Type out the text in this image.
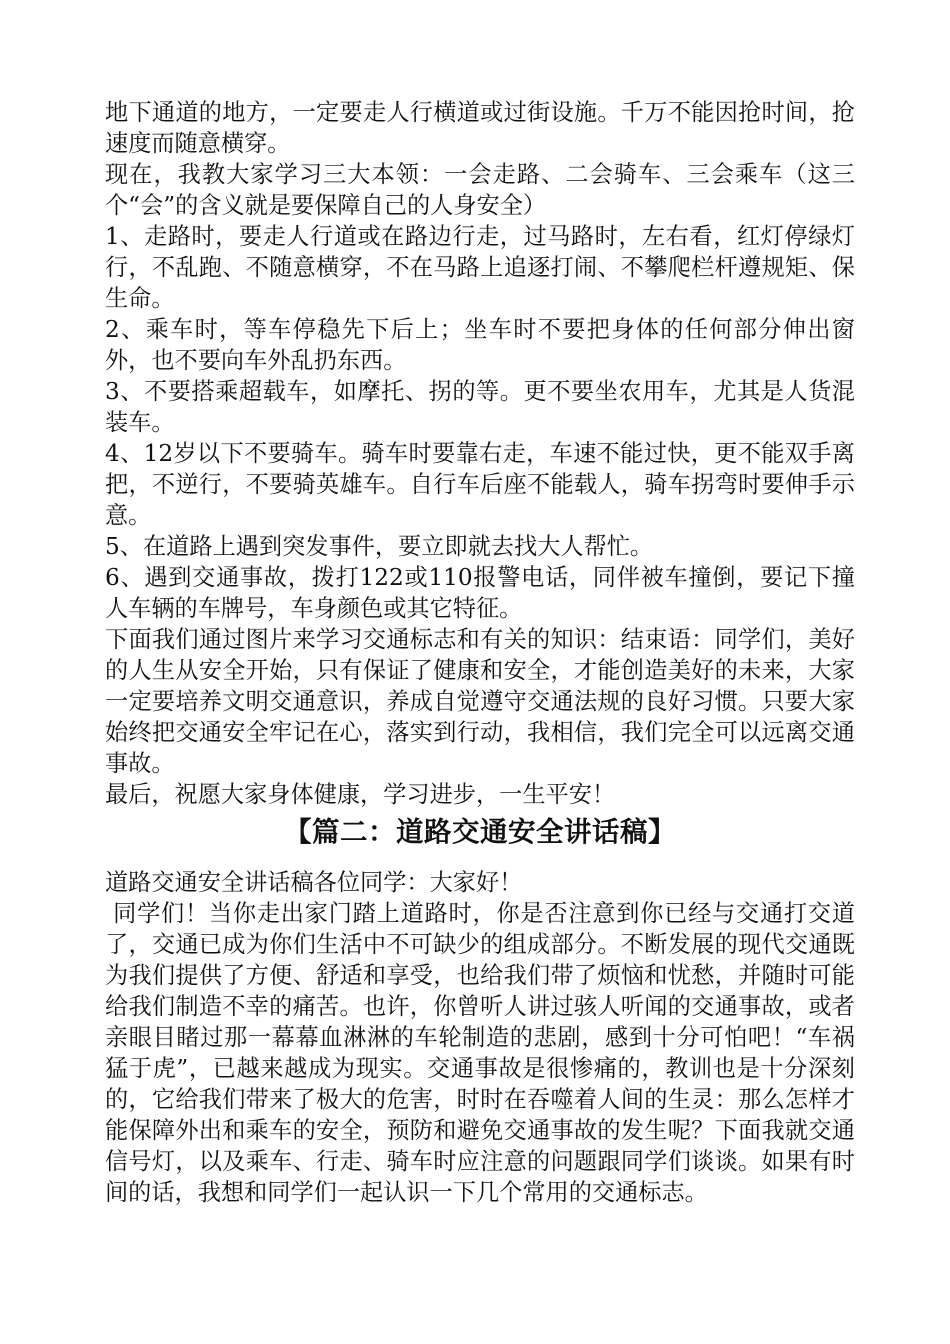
地下通道的地方，一定要走人行横道或过街设施。千万不能因抢时间，抢速度而随意横穿。

现在，我教大家学习三大本领：一会走路、二会骑车、三会乘车（这三个“会”的含义就是要保障自己的人身安全）

1、走路时，要走人行道或在路边行走，过马路时，左右看，红灯停绿灯行，不乱跑、不随意横穿，不在马路上追逐打闹、不攀爬栏杆遵规矩、保生命。

2、乘车时，等车停稳先下后上；坐车时不要把身体的任何部分伸出窗外，也不要向车外乱扔东西。

3、不要搭乘超载车，如摩托、拐的等。更不要坐农用车，尤其是人货混装车。

4、12岁以下不要骑车。骑车时要靠右走，车速不能过快，更不能双手离把，不逆行，不要骑英雄车。自行车后座不能载人，骑车拐弯时要伸手示意。

5、在道路上遇到突发事件，要立即就去找大人帮忙。

6、遇到交通事故，拨打122或110报警电话，同伴被车撞倒，要记下撞人车辆的车牌号，车身颜色或其它特征。

下面我们通过图片来学习交通标志和有关的知识：结束语：同学们，美好的人生从安全开始，只有保证了健康和安全，才能创造美好的未来，大家一定要培养文明交通意识，养成自觉遵守交通法规的良好习惯。只要大家始终把交通安全牢记在心，落实到行动，我相信，我们完全可以远离交通事故。

最后，祝愿大家身体健康，学习进步，一生平安！

【篇二：道路交通安全讲话稿】

道路交通安全讲话稿各位同学：大家好！

同学们！当你走出家门踏上道路时，你是否注意到你已经与交通打交道了，交通已成为你们生活中不可缺少的组成部分。不断发展的现代交通既为我们提供了方便、舒适和享受，也给我们带了烦恼和忧愁，并随时可能给我们制造不幸的痛苦。也许，你曾听人讲过骇人听闻的交通事故，或者亲眼目睹过那一幕幕血淋淋的车轮制造的悲剧，感到十分可怕吧！“车祸猛于虎”，已越来越成为现实。交通事故是很惨痛的，教训也是十分深刻的，它给我们带来了极大的危害，时时在吞噬着人间的生灵：那么怎样才能保障外出和乘车的安全，预防和避免交通事故的发生呢？下面我就交通信号灯，以及乘车、行走、骑车时应注意的问题跟同学们谈谈。如果有时间的话，我想和同学们一起认识一下几个常用的交通标志。
